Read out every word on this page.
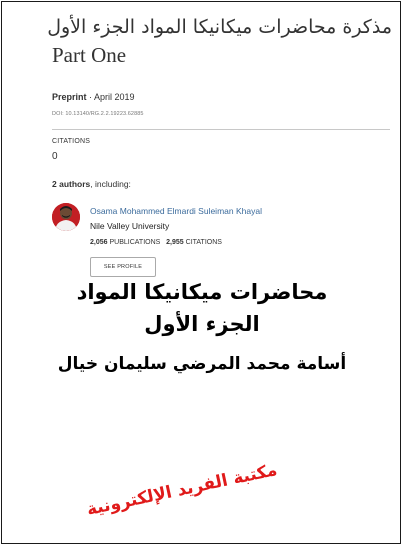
مذكرة محاضرات ميكانيكا المواد الجزء الأول
Part One
Preprint · April 2019
DOI: 10.13140/RG.2.2.19223.62885
CITATIONS
0
2 authors, including:
Osama Mohammed Elmardi Suleiman Khayal
Nile Valley University
2,056 PUBLICATIONS 2,955 CITATIONS
SEE PROFILE
محاضرات ميكانيكا المواد
الجزء الأول
أسامة محمد المرضي سليمان خيال
مكتبة الفريد الإلكترونية
